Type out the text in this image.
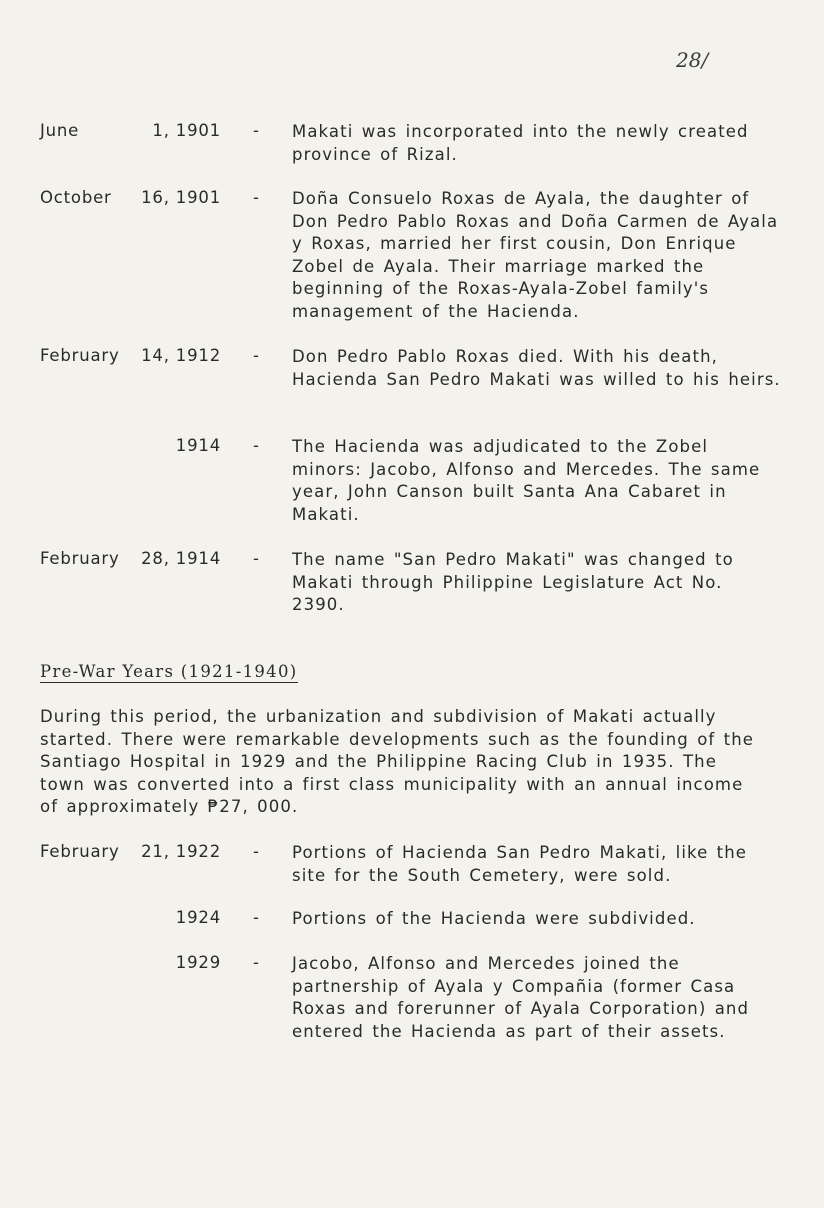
28/
June	1, 1901 - Makati was incorporated into the newly created province of Rizal.
October 16, 1901 - Doña Consuelo Roxas de Ayala, the daughter of Don Pedro Pablo Roxas and Doña Carmen de Ayala y Roxas, married her first cousin, Don Enrique Zobel de Ayala. Their marriage marked the beginning of the Roxas-Ayala-Zobel family's management of the Hacienda.
February 14, 1912 - Don Pedro Pablo Roxas died. With his death, Hacienda San Pedro Makati was willed to his heirs.
1914 - The Hacienda was adjudicated to the Zobel minors: Jacobo, Alfonso and Mercedes. The same year, John Canson built Santa Ana Cabaret in Makati.
February 28, 1914 - The name "San Pedro Makati" was changed to Makati through Philippine Legislature Act No. 2390.
Pre-War Years (1921-1940)
During this period, the urbanization and subdivision of Makati actually started. There were remarkable developments such as the founding of the Santiago Hospital in 1929 and the Philippine Racing Club in 1935. The town was converted into a first class municipality with an annual income of approximately ₱27, 000.
February 21, 1922 - Portions of Hacienda San Pedro Makati, like the site for the South Cemetery, were sold.
1924 - Portions of the Hacienda were subdivided.
1929 - Jacobo, Alfonso and Mercedes joined the partnership of Ayala y Compañia (former Casa Roxas and forerunner of Ayala Corporation) and entered the Hacienda as part of their assets.
